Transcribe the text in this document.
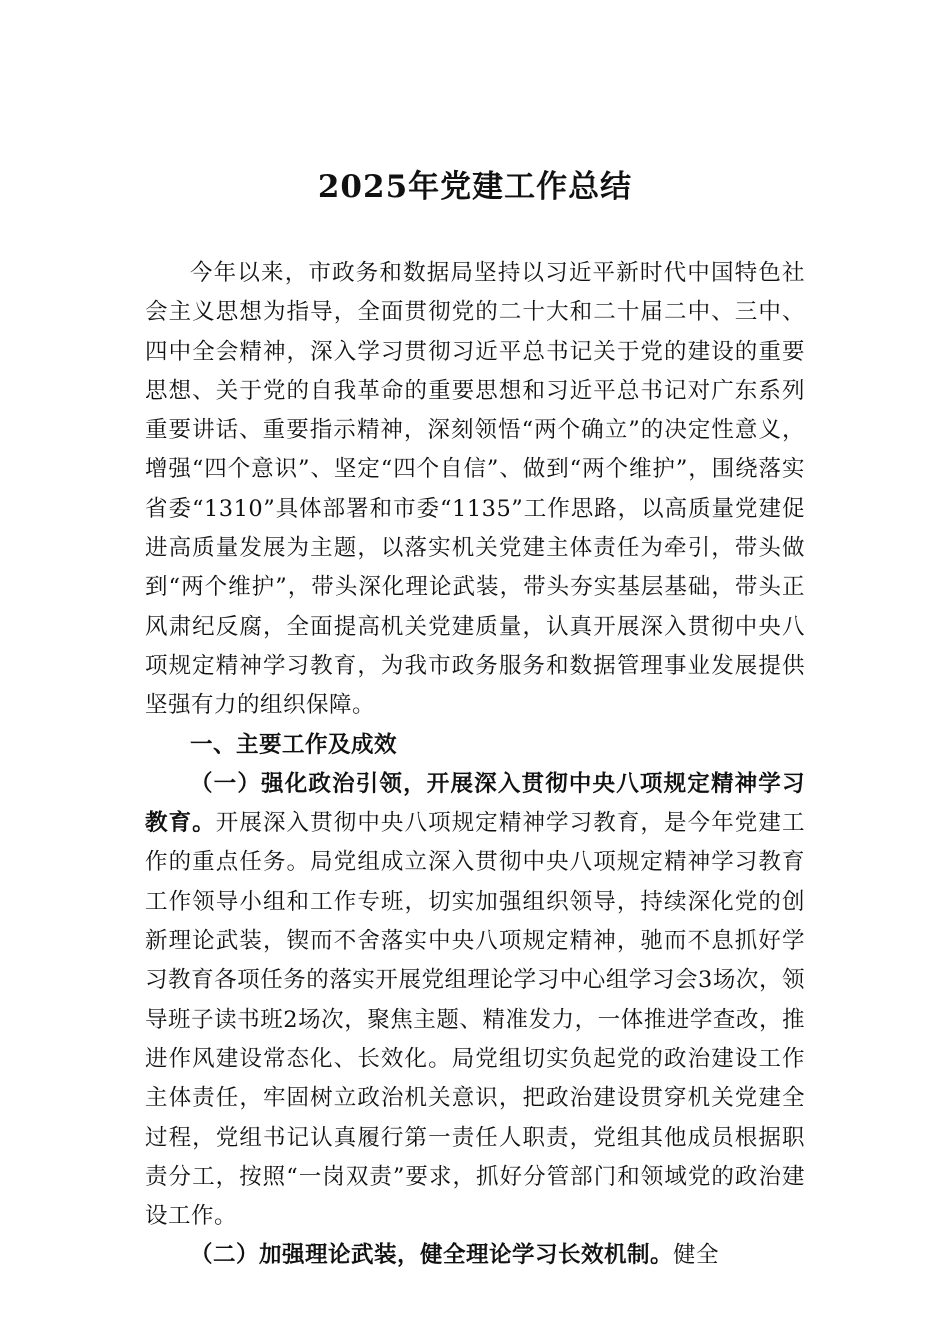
2025年党建工作总结

今年以来，市政务和数据局坚持以习近平新时代中国特色社会主义思想为指导，全面贯彻党的二十大和二十届二中、三中、四中全会精神，深入学习贯彻习近平总书记关于党的建设的重要思想、关于党的自我革命的重要思想和习近平总书记对广东系列重要讲话、重要指示精神，深刻领悟“两个确立”的决定性意义，增强“四个意识”、坚定“四个自信”、做到“两个维护”，围绕落实省委“1310”具体部署和市委“1135”工作思路，以高质量党建促进高质量发展为主题，以落实机关党建主体责任为牵引，带头做到“两个维护”，带头深化理论武装，带头夯实基层基础，带头正风肃纪反腐，全面提高机关党建质量，认真开展深入贯彻中央八项规定精神学习教育，为我市政务服务和数据管理事业发展提供坚强有力的组织保障。

一、主要工作及成效

（一）强化政治引领，开展深入贯彻中央八项规定精神学习教育。开展深入贯彻中央八项规定精神学习教育，是今年党建工作的重点任务。局党组成立深入贯彻中央八项规定精神学习教育工作领导小组和工作专班，切实加强组织领导，持续深化党的创新理论武装，锲而不舍落实中央八项规定精神，驰而不息抓好学习教育各项任务的落实开展党组理论学习中心组学习会3场次，领导班子读书班2场次，聚焦主题、精准发力，一体推进学查改，推进作风建设常态化、长效化。局党组切实负起党的政治建设工作主体责任，牢固树立政治机关意识，把政治建设贯穿机关党建全过程，党组书记认真履行第一责任人职责，党组其他成员根据职责分工，按照“一岗双责”要求，抓好分管部门和领域党的政治建设工作。

（二）加强理论武装，健全理论学习长效机制。健全
